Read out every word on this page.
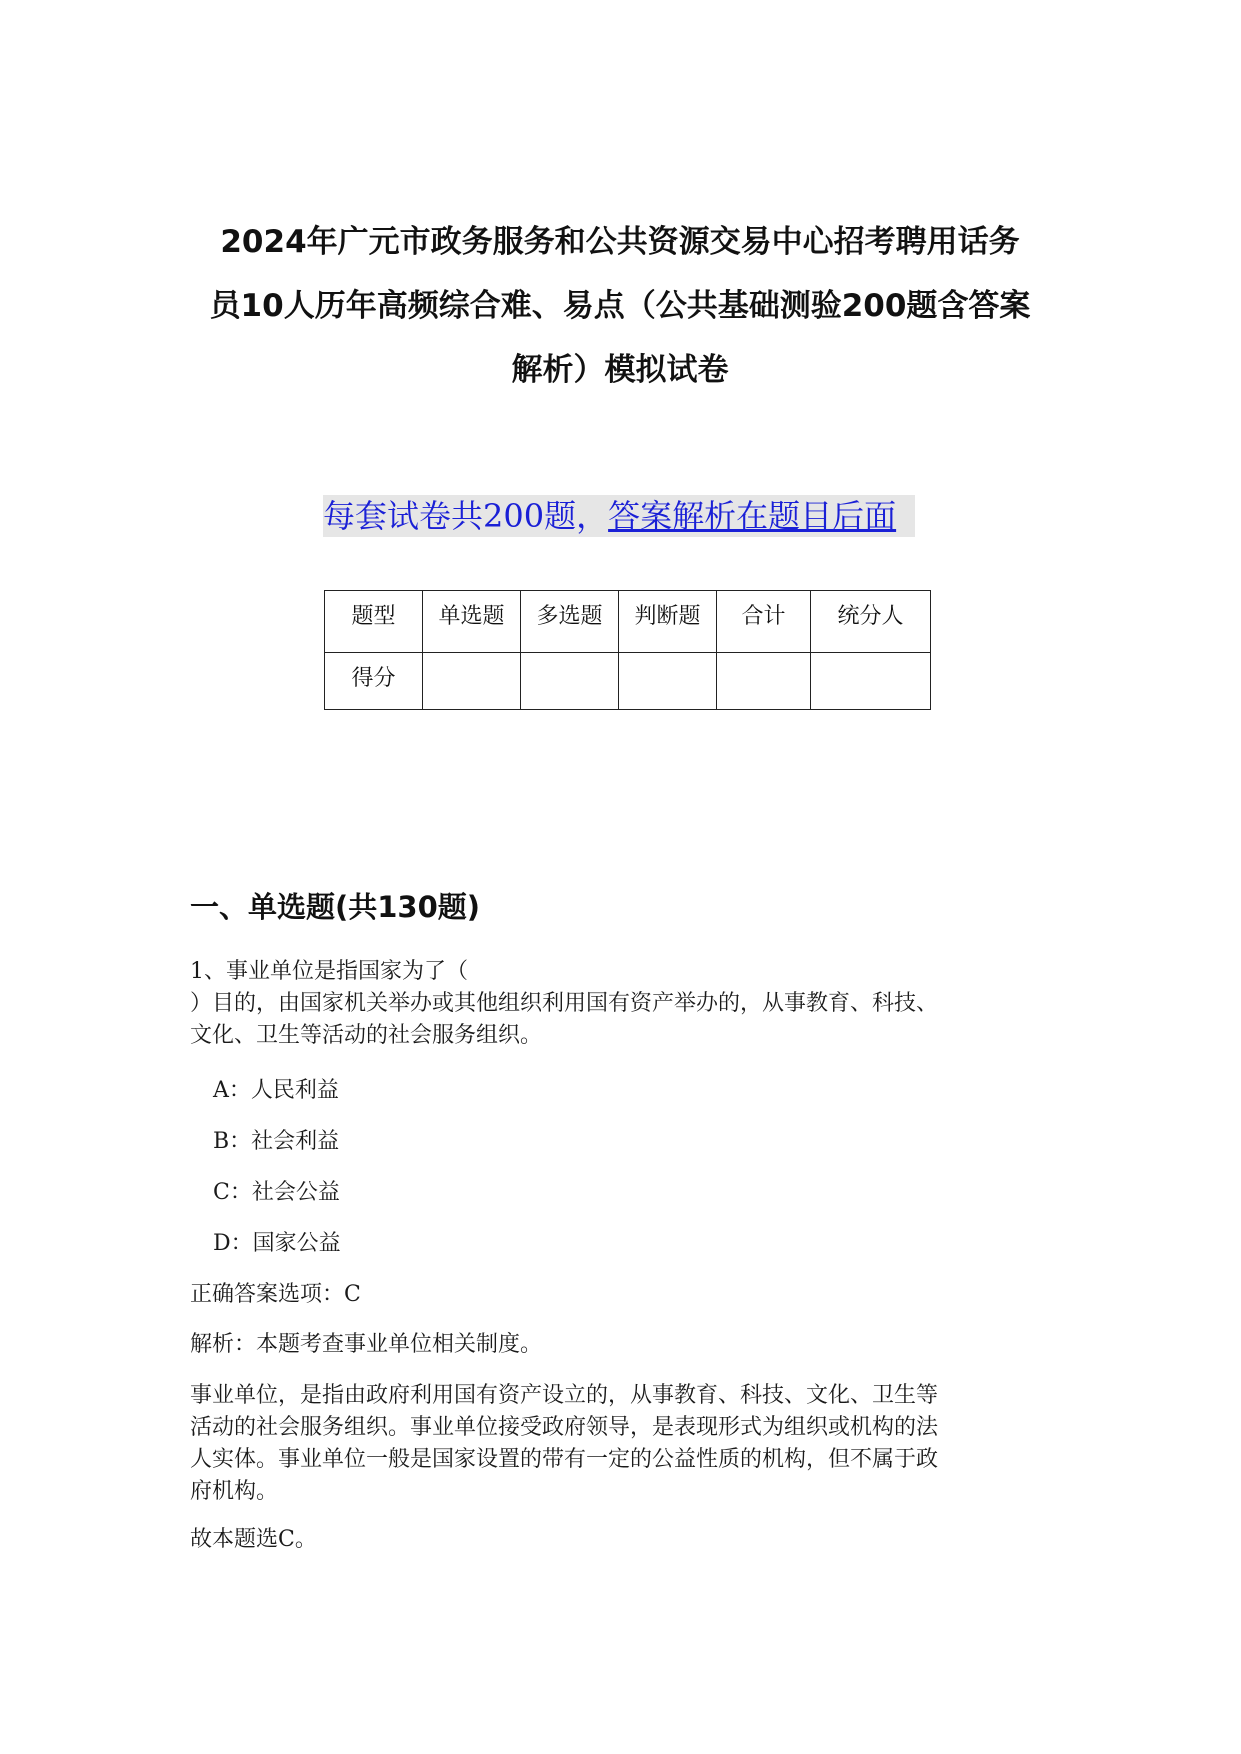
2024年广元市政务服务和公共资源交易中心招考聘用话务
员10人历年高频综合难、易点（公共基础测验200题含答案
解析）模拟试卷
每套试卷共200题，答案解析在题目后面
题型	单选题	多选题	判断题	合计	统分人
得分					
一、单选题(共130题)
1、事业单位是指国家为了（
）目的，由国家机关举办或其他组织利用国有资产举办的，从事教育、科技、
文化、卫生等活动的社会服务组织。
A：人民利益
B：社会利益
C：社会公益
D：国家公益
正确答案选项：C
解析：本题考查事业单位相关制度。
事业单位，是指由政府利用国有资产设立的，从事教育、科技、文化、卫生等
活动的社会服务组织。事业单位接受政府领导，是表现形式为组织或机构的法
人实体。事业单位一般是国家设置的带有一定的公益性质的机构，但不属于政
府机构。
故本题选C。
